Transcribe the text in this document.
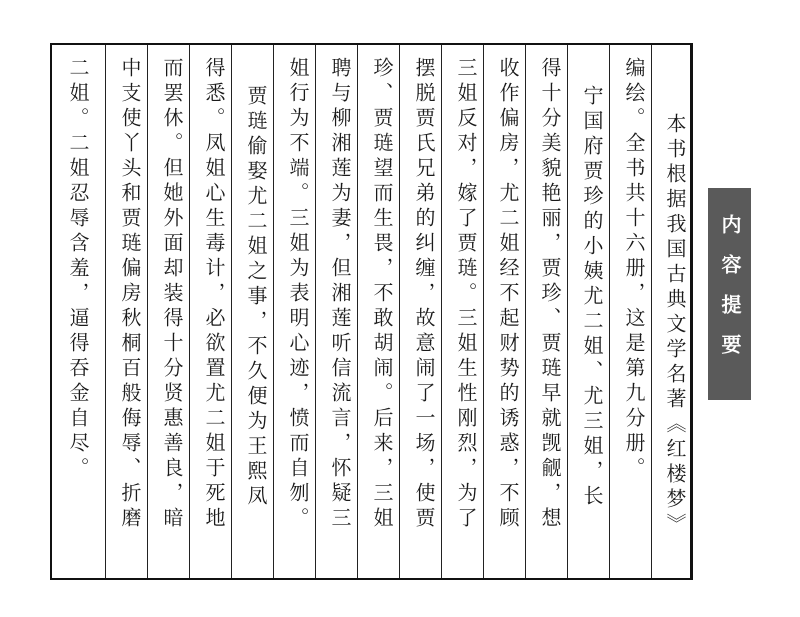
本书根据我国古典文学名著《红楼梦》
编绘。全书共十六册，这是第九分册。
宁国府贾珍的小姨尤二姐、尤三姐，长
得十分美貌艳丽，贾珍、贾琏早就觊觎，想
收作偏房，尤二姐经不起财势的诱惑，不顾
三姐反对，嫁了贾琏。三姐生性刚烈，为了
摆脱贾氏兄弟的纠缠，故意闹了一场，使贾
珍、贾琏望而生畏，不敢胡闹。后来，三姐
聘与柳湘莲为妻，但湘莲听信流言，怀疑三
姐行为不端。三姐为表明心迹，愤而自刎。
贾琏偷娶尤二姐之事，不久便为王熙凤
得悉。凤姐心生毒计，必欲置尤二姐于死地
而罢休。但她外面却装得十分贤惠善良，暗
中支使丫头和贾琏偏房秋桐百般侮辱、折磨
二姐。二姐忍辱含羞，逼得吞金自尽。	内容提要
